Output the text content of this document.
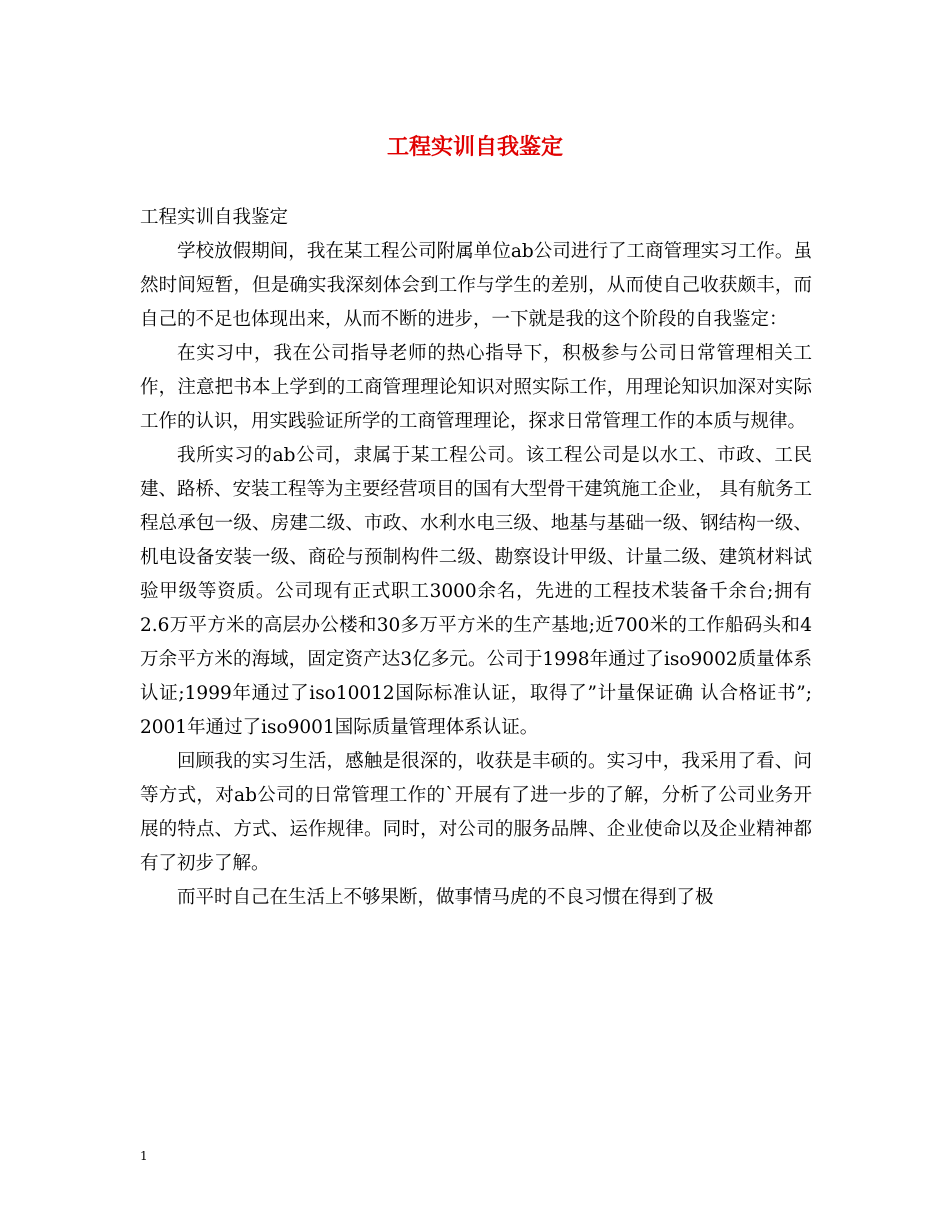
工程实训自我鉴定

工程实训自我鉴定

学校放假期间，我在某工程公司附属单位ab公司进行了工商管理实习工作。虽然时间短暂，但是确实我深刻体会到工作与学生的差别，从而使自己收获颇丰，而自己的不足也体现出来，从而不断的进步，一下就是我的这个阶段的自我鉴定：

在实习中，我在公司指导老师的热心指导下，积极参与公司日常管理相关工作，注意把书本上学到的工商管理理论知识对照实际工作，用理论知识加深对实际工作的认识，用实践验证所学的工商管理理论，探求日常管理工作的本质与规律。

我所实习的ab公司，隶属于某工程公司。该工程公司是以水工、市政、工民建、路桥、安装工程等为主要经营项目的国有大型骨干建筑施工企业， 具有航务工程总承包一级、房建二级、市政、水利水电三级、地基与基础一级、钢结构一级、机电设备安装一级、商砼与预制构件二级、勘察设计甲级、计量二级、建筑材料试验甲级等资质。公司现有正式职工3000余名，先进的工程技术装备千余台;拥有2.6万平方米的高层办公楼和30多万平方米的生产基地;近700米的工作船码头和4万余平方米的海域，固定资产达3亿多元。公司于1998年通过了iso9002质量体系认证;1999年通过了iso10012国际标准认证，取得了”计量保证确 认合格证书”; 2001年通过了iso9001国际质量管理体系认证。

回顾我的实习生活，感触是很深的，收获是丰硕的。实习中，我采用了看、问等方式，对ab公司的日常管理工作的`开展有了进一步的了解，分析了公司业务开展的特点、方式、运作规律。同时，对公司的服务品牌、企业使命以及企业精神都有了初步了解。

而平时自己在生活上不够果断，做事情马虎的不良习惯在得到了极

1
